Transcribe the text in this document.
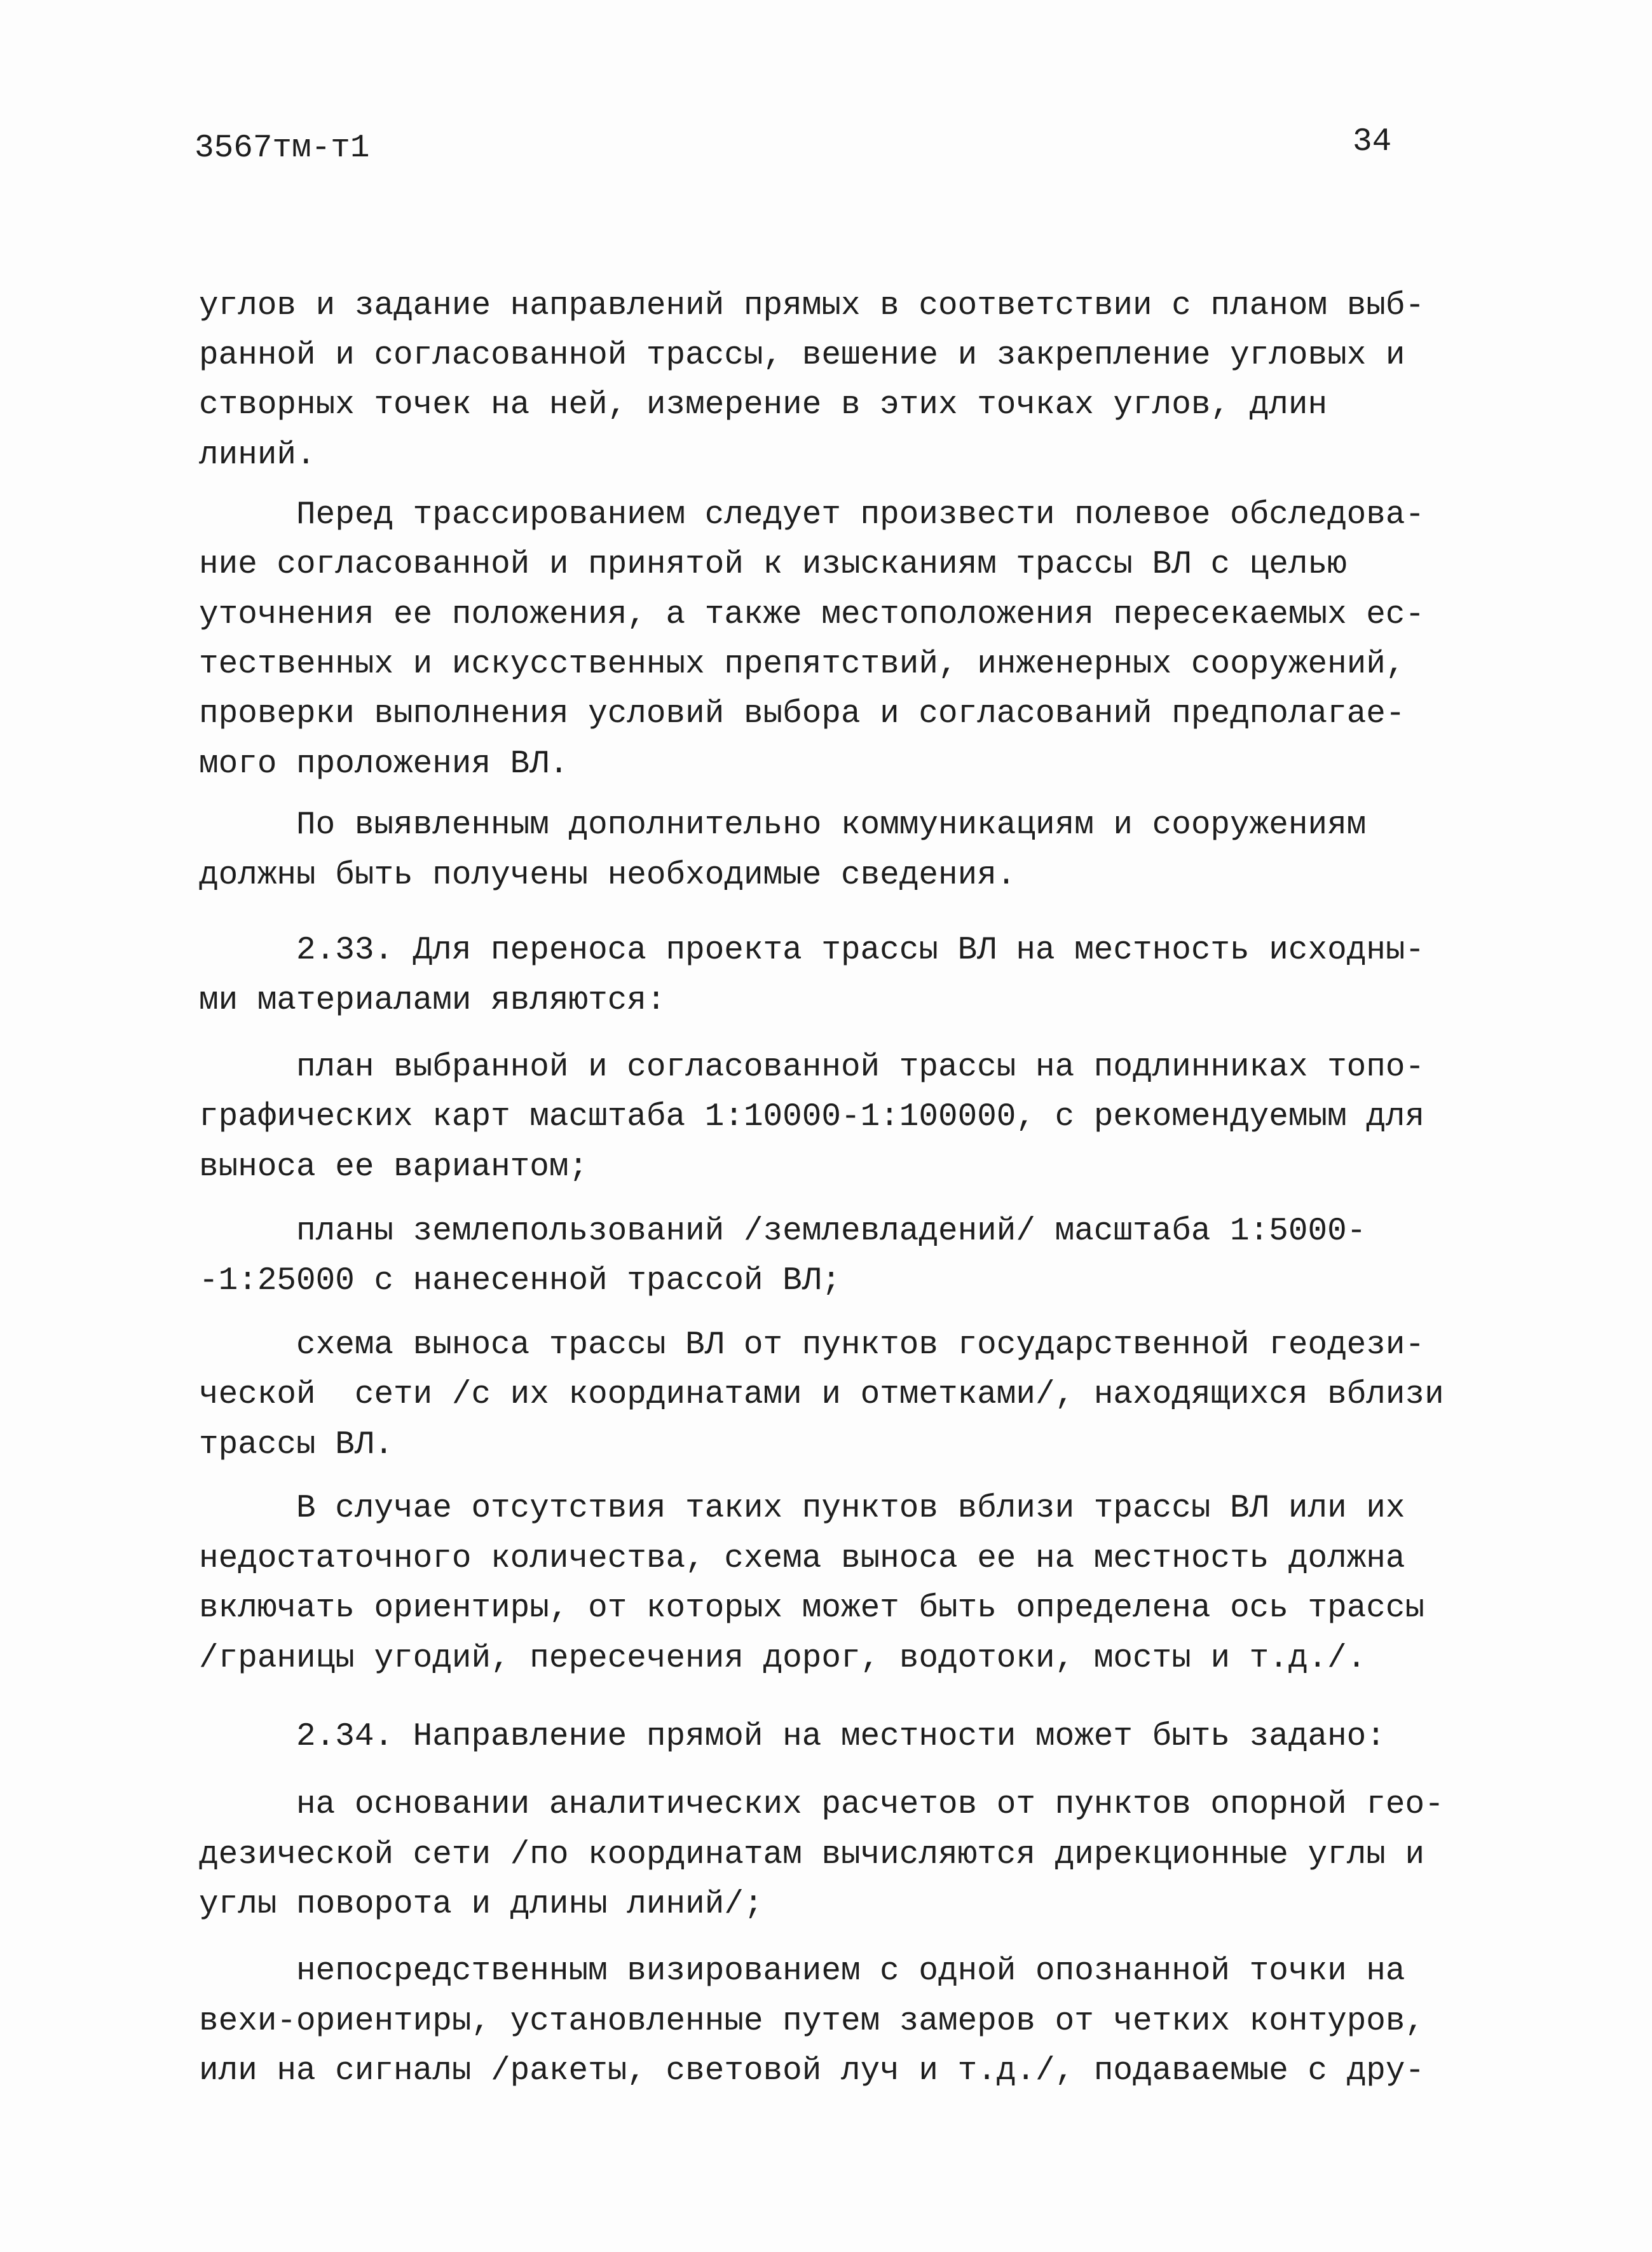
3567тм-т1	34
углов и задание направлений прямых в соответствии с планом выб-
ранной и согласованной трассы, вешение и закрепление угловых и
створных точек на ней, измерение в этих точках углов, длин
линий.
Перед трассированием следует произвести полевое обследова-
ние согласованной и принятой к изысканиям трассы ВЛ с целью
уточнения ее положения, а также местоположения пересекаемых ес-
тественных и искусственных препятствий, инженерных сооружений,
проверки выполнения условий выбора и согласований предполагае-
мого проложения ВЛ.
По выявленным дополнительно коммуникациям и сооружениям
должны быть получены необходимые сведения.
2.33. Для переноса проекта трассы ВЛ на местность исходны-
ми материалами являются:
план выбранной и согласованной трассы на подлинниках топо-
графических карт масштаба 1:10000-1:100000, с рекомендуемым для
выноса ее вариантом;
планы землепользований /землевладений/ масштаба 1:5000-
-1:25000 с нанесенной трассой ВЛ;
схема выноса трассы ВЛ от пунктов государственной геодези-
ческой  сети /с их координатами и отметками/, находящихся вблизи
трассы ВЛ.
В случае отсутствия таких пунктов вблизи трассы ВЛ или их
недостаточного количества, схема выноса ее на местность должна
включать ориентиры, от которых может быть определена ось трассы
/границы угодий, пересечения дорог, водотоки, мосты и т.д./.
2.34. Направление прямой на местности может быть задано:
на основании аналитических расчетов от пунктов опорной гео-
дезической сети /по координатам вычисляются дирекционные углы и
углы поворота и длины линий/;
непосредственным визированием с одной опознанной точки на
вехи-ориентиры, установленные путем замеров от четких контуров,
или на сигналы /ракеты, световой луч и т.д./, подаваемые с дру-
